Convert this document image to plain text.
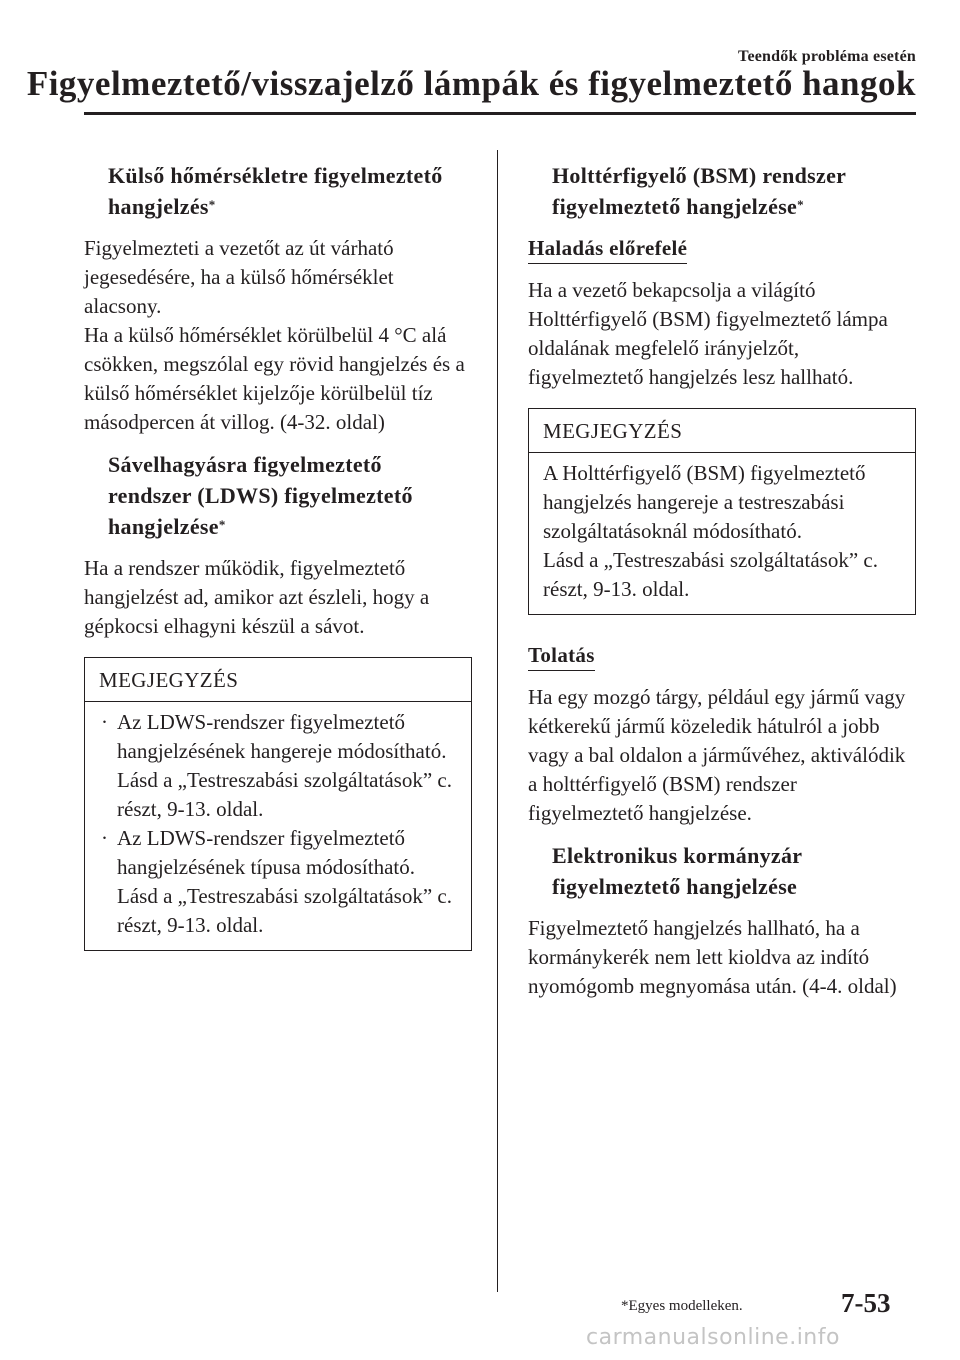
Teendők probléma esetén
Figyelmeztető/visszajelző lámpák és figyelmeztető hangok
Külső hőmérsékletre figyelmeztető hangjelzés*
Figyelmezteti a vezetőt az út várható jegesedésére, ha a külső hőmérséklet alacsony.
Ha a külső hőmérséklet körülbelül 4 °C alá csökken, megszólal egy rövid hangjelzés és a külső hőmérséklet kijelzője körülbelül tíz másodpercen át villog. (4-32. oldal)
Sávelhagyásra figyelmeztető rendszer (LDWS) figyelmeztető hangjelzése*
Ha a rendszer működik, figyelmeztető hangjelzést ad, amikor azt észleli, hogy a gépkocsi elhagyni készül a sávot.
MEGJEGYZÉS
· Az LDWS-rendszer figyelmeztető hangjelzésének hangereje módosítható.
Lásd a „Testreszabási szolgáltatások” c. részt, 9-13. oldal.
· Az LDWS-rendszer figyelmeztető hangjelzésének típusa módosítható.
Lásd a „Testreszabási szolgáltatások” c. részt, 9-13. oldal.
Holttérfigyelő (BSM) rendszer figyelmeztető hangjelzése*
Haladás előrefelé
Ha a vezető bekapcsolja a világító Holttérfigyelő (BSM) figyelmeztető lámpa oldalának megfelelő irányjelzőt, figyelmeztető hangjelzés lesz hallható.
MEGJEGYZÉS
A Holttérfigyelő (BSM) figyelmeztető hangjelzés hangereje a testreszabási szolgáltatásoknál módosítható.
Lásd a „Testreszabási szolgáltatások” c. részt, 9-13. oldal.
Tolatás
Ha egy mozgó tárgy, például egy jármű vagy kétkerekű jármű közeledik hátulról a jobb vagy a bal oldalon a járművéhez, aktiválódik a holttérfigyelő (BSM) rendszer figyelmeztető hangjelzése.
Elektronikus kormányzár figyelmeztető hangjelzése
Figyelmeztető hangjelzés hallható, ha a kormánykerék nem lett kioldva az indító nyomógomb megnyomása után. (4-4. oldal)
*Egyes modelleken.	7-53
carmanualsonline.info
